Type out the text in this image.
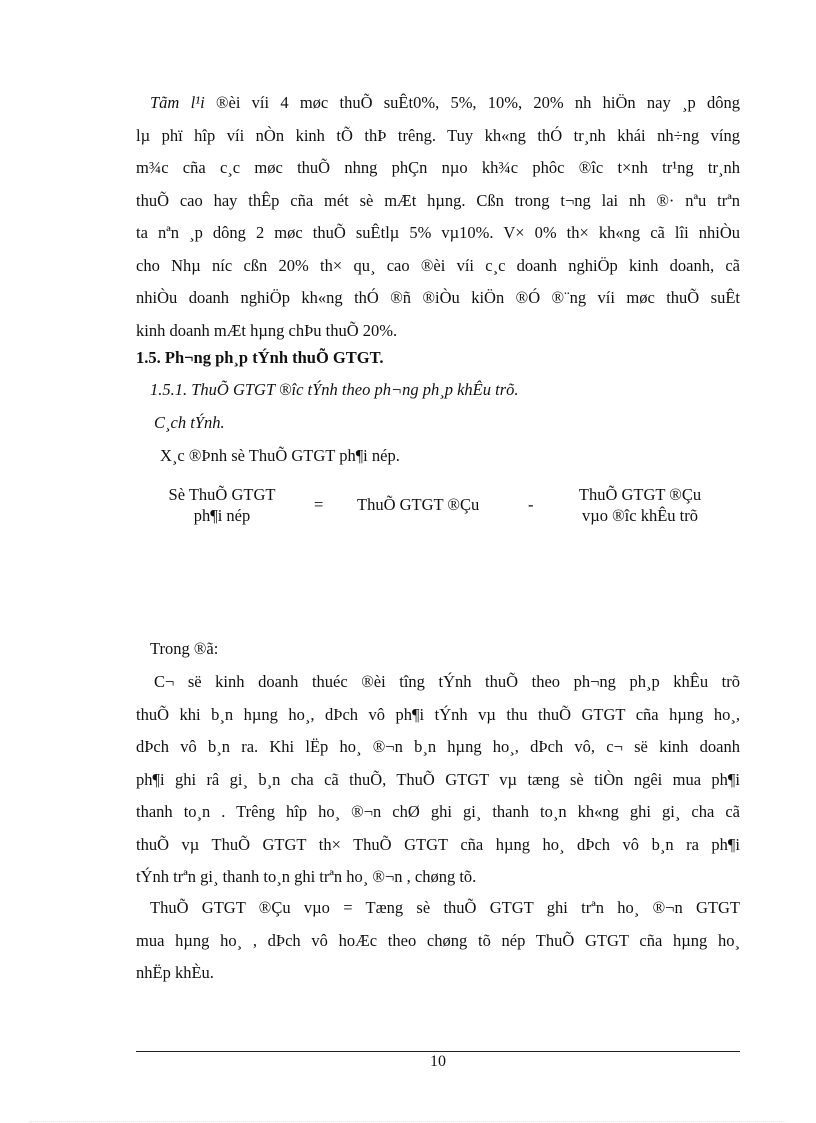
Tãm l¹i ®èi víi 4 møc thuÕ suÊt0%, 5%, 10%, 20% nh hiÖn nay ¸p dông
lµ phï hîp víi nÒn kinh tÕ thÞ trêng. Tuy kh«ng thÓ tr¸nh khái nh÷ng víng
m¾c cña c¸c møc thuÕ nhng phÇn nµo kh¾c phôc ®îc t×nh tr¹ng tr¸nh
thuÕ cao hay thÊp cña mét sè mÆt hµng. Cßn trong t¬ng lai nh ®· nªu trªn
ta nªn ¸p dông 2 møc thuÕ suÊtlµ 5% vµ10%. V× 0% th× kh«ng cã lîi nhiÒu
cho Nhµ níc cßn 20% th× qu¸ cao ®èi víi c¸c doanh nghiÖp kinh doanh, cã
nhiÒu doanh nghiÖp kh«ng thÓ ®ñ ®iÒu kiÖn ®Ó ®¨ng víi møc thuÕ suÊt
kinh doanh mÆt hµng chÞu thuÕ 20%.

1.5. Ph¬ng ph¸p tÝnh thuÕ GTGT.

1.5.1. ThuÕ GTGT ®îc tÝnh theo ph¬ng ph¸p khÊu trõ.

C¸ch tÝnh.

X¸c ®Þnh sè ThuÕ GTGT ph¶i nép.

Sè ThuÕ GTGT
ph¶i nép
= ThuÕ GTGT ®Çu	-
ThuÕ GTGT ®Çu
vµo ®îc khÊu trõ

Trong ®ã:

C¬ së kinh doanh thuéc ®èi tîng tÝnh thuÕ theo ph¬ng ph¸p khÊu trõ
thuÕ khi b¸n hµng ho¸, dÞch vô ph¶i tÝnh vµ thu thuÕ GTGT cña hµng ho¸,
dÞch vô b¸n ra. Khi lËp ho¸ ®¬n b¸n hµng ho¸, dÞch vô, c¬ së kinh doanh
ph¶i ghi râ gi¸ b¸n cha cã thuÕ, ThuÕ GTGT vµ tæng sè tiÒn ngêi mua ph¶i
thanh to¸n . Trêng hîp ho¸ ®¬n chØ ghi gi¸ thanh to¸n kh«ng ghi gi¸ cha cã
thuÕ vµ ThuÕ GTGT th× ThuÕ GTGT cña hµng ho¸ dÞch vô b¸n ra ph¶i
tÝnh trªn gi¸ thanh to¸n ghi trªn ho¸ ®¬n , chøng tõ.
ThuÕ GTGT ®Çu vµo = Tæng sè thuÕ GTGT ghi trªn ho¸ ®¬n GTGT
mua hµng ho¸ , dÞch vô hoÆc theo chøng tõ nép ThuÕ GTGT cña hµng ho¸
nhËp khÈu.
10
